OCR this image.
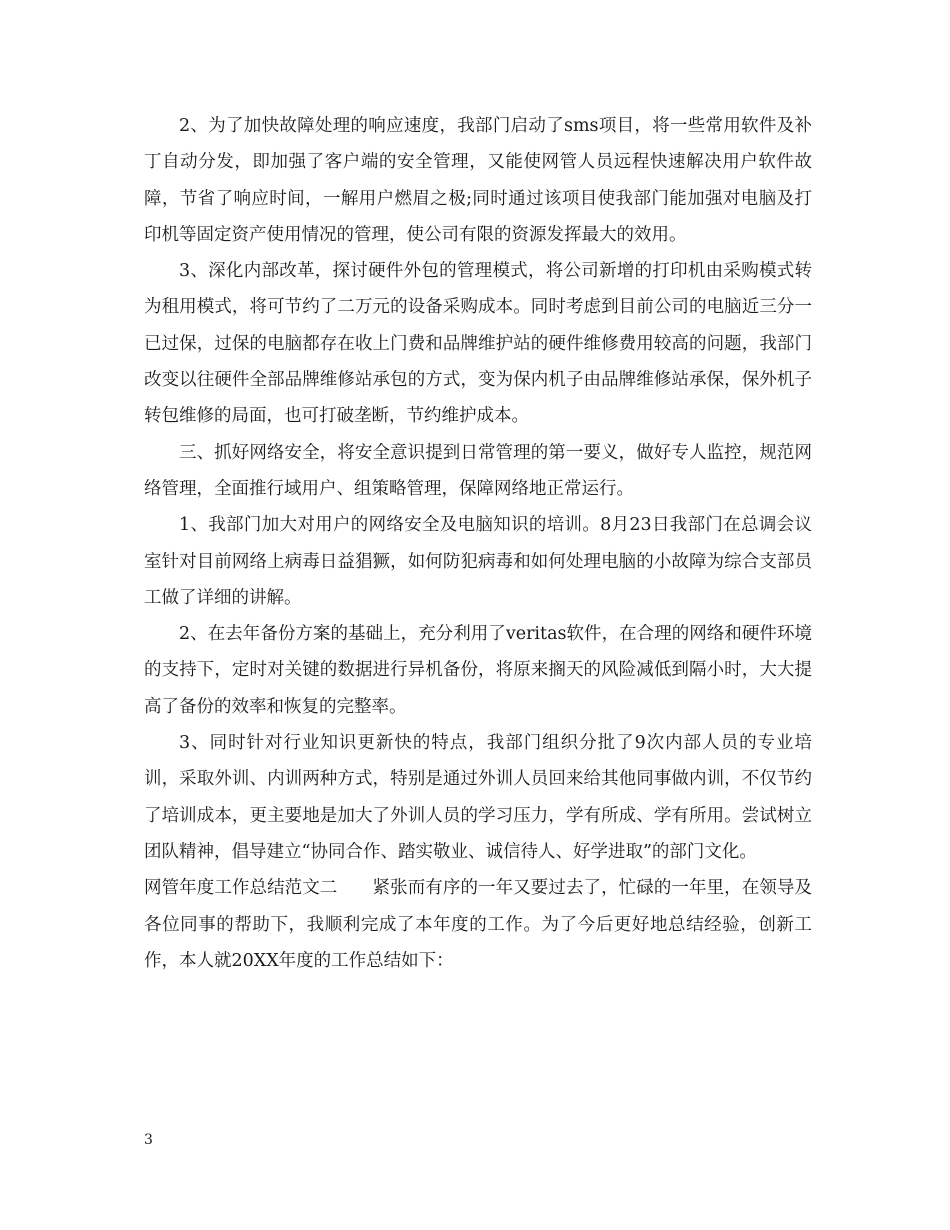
2、为了加快故障处理的响应速度，我部门启动了sms项目，将一些常用软件及补丁自动分发，即加强了客户端的安全管理，又能使网管人员远程快速解决用户软件故障，节省了响应时间，一解用户燃眉之极;同时通过该项目使我部门能加强对电脑及打印机等固定资产使用情况的管理，使公司有限的资源发挥最大的效用。

3、深化内部改革，探讨硬件外包的管理模式，将公司新增的打印机由采购模式转为租用模式，将可节约了二万元的设备采购成本。同时考虑到目前公司的电脑近三分一已过保，过保的电脑都存在收上门费和品牌维护站的硬件维修费用较高的问题，我部门改变以往硬件全部品牌维修站承包的方式，变为保内机子由品牌维修站承保，保外机子转包维修的局面，也可打破垄断，节约维护成本。

三、抓好网络安全，将安全意识提到日常管理的第一要义，做好专人监控，规范网络管理，全面推行域用户、组策略管理，保障网络地正常运行。

1、我部门加大对用户的网络安全及电脑知识的培训。8月23日我部门在总调会议室针对目前网络上病毒日益猖獗，如何防犯病毒和如何处理电脑的小故障为综合支部员工做了详细的讲解。

2、在去年备份方案的基础上，充分利用了veritas软件，在合理的网络和硬件环境的支持下，定时对关键的数据进行异机备份，将原来搁天的风险减低到隔小时，大大提高了备份的效率和恢复的完整率。

3、同时针对行业知识更新快的特点，我部门组织分批了9次内部人员的专业培训，采取外训、内训两种方式，特别是通过外训人员回来给其他同事做内训，不仅节约了培训成本，更主要地是加大了外训人员的学习压力，学有所成、学有所用。尝试树立团队精神，倡导建立“协同合作、踏实敬业、诚信待人、好学进取”的部门文化。

网管年度工作总结范文二　　紧张而有序的一年又要过去了，忙碌的一年里，在领导及各位同事的帮助下，我顺利完成了本年度的工作。为了今后更好地总结经验，创新工作，本人就20XX年度的工作总结如下：

3
